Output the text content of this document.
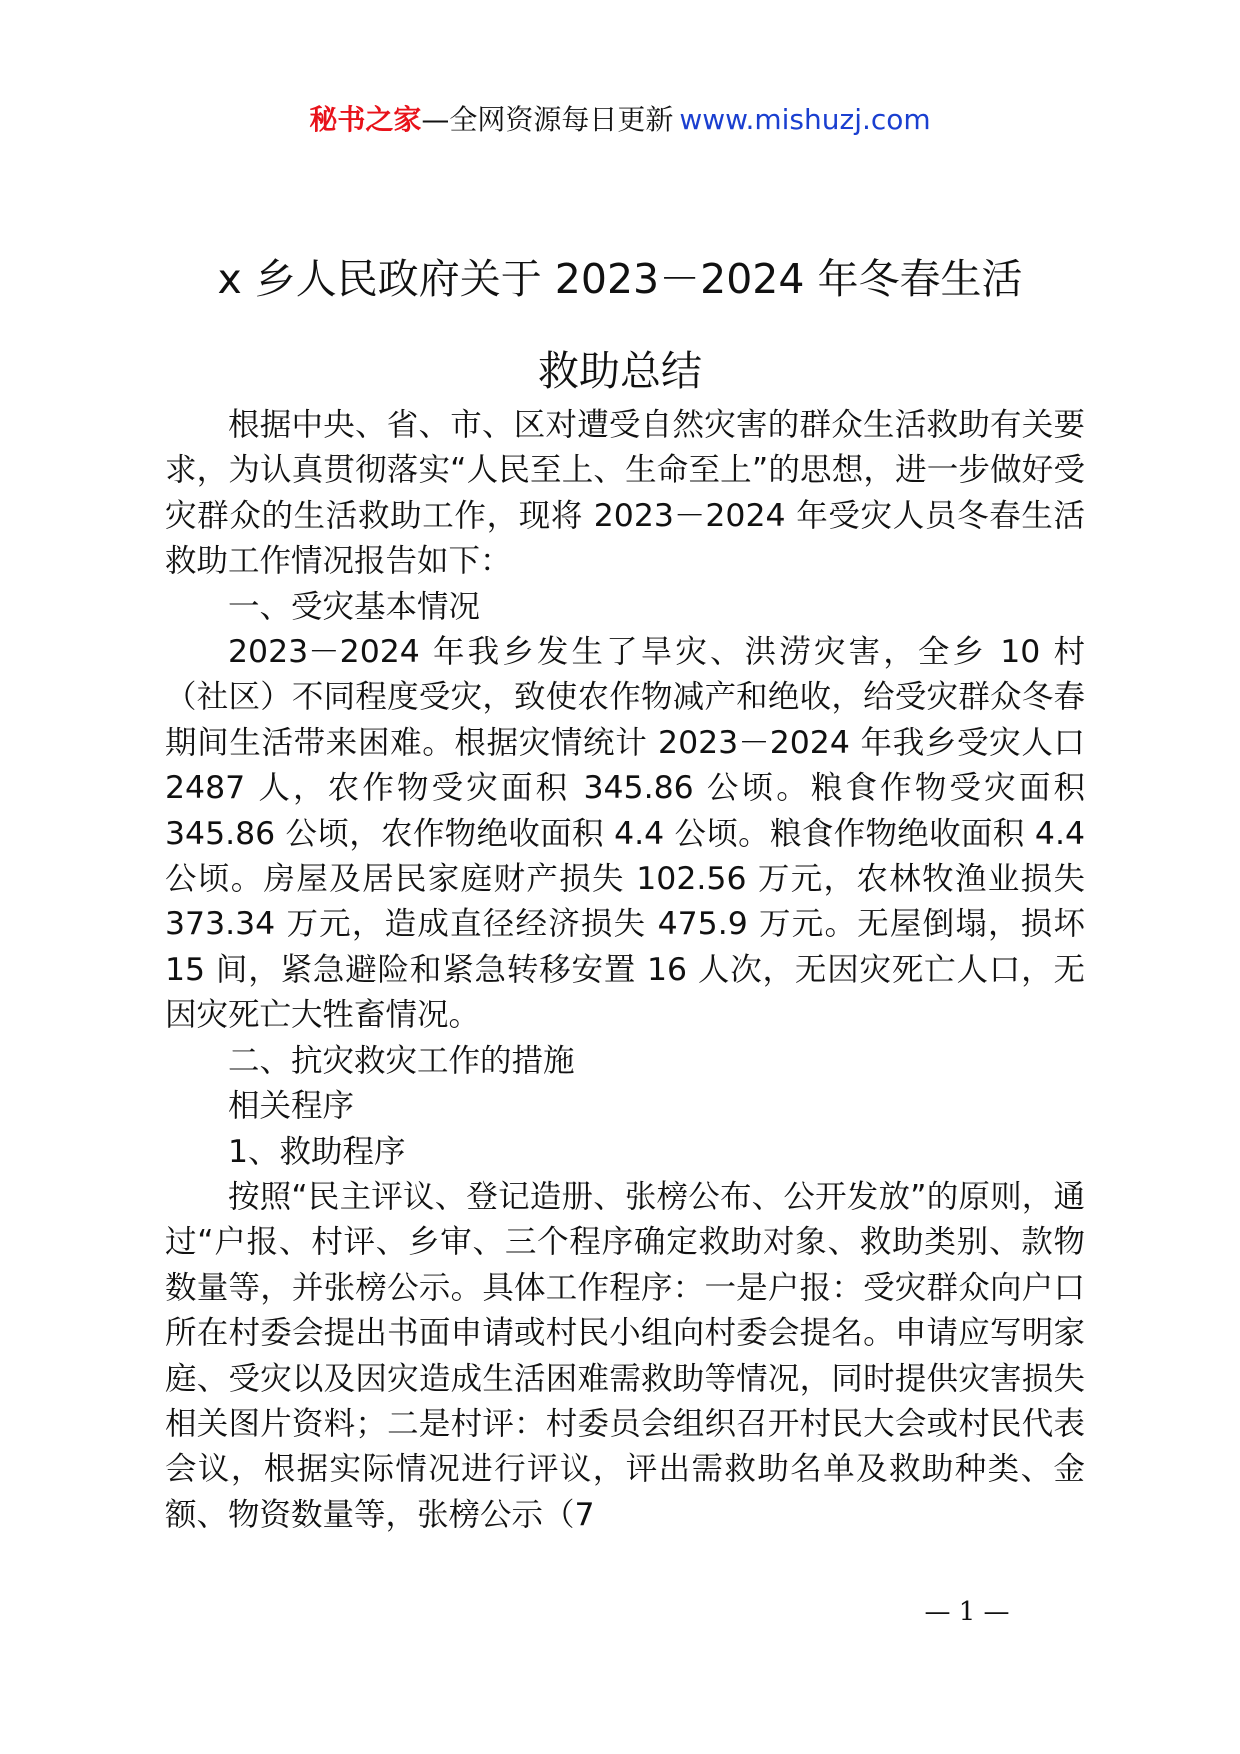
秘书之家—全网资源每日更新 www.mishuzj.com
x 乡人民政府关于 2023－2024 年冬春生活
救助总结

根据中央、省、市、区对遭受自然灾害的群众生活救助有关要求，为认真贯彻落实“人民至上、生命至上”的思想，进一步做好受灾群众的生活救助工作，现将 2023－2024 年受灾人员冬春生活救助工作情况报告如下：

一、受灾基本情况

2023－2024 年我乡发生了旱灾、洪涝灾害，全乡 10 村（社区）不同程度受灾，致使农作物减产和绝收，给受灾群众冬春期间生活带来困难。根据灾情统计 2023－2024 年我乡受灾人口 2487 人，农作物受灾面积 345.86 公顷。粮食作物受灾面积 345.86 公顷，农作物绝收面积 4.4 公顷。粮食作物绝收面积 4.4 公顷。房屋及居民家庭财产损失 102.56 万元，农林牧渔业损失 373.34 万元，造成直径经济损失 475.9 万元。无屋倒塌，损坏 15 间，紧急避险和紧急转移安置 16 人次，无因灾死亡人口，无因灾死亡大牲畜情况。

二、抗灾救灾工作的措施

相关程序

1、救助程序

按照“民主评议、登记造册、张榜公布、公开发放”的原则，通过“户报、村评、乡审、三个程序确定救助对象、救助类别、款物数量等，并张榜公示。具体工作程序：一是户报：受灾群众向户口所在村委会提出书面申请或村民小组向村委会提名。申请应写明家庭、受灾以及因灾造成生活困难需救助等情况，同时提供灾害损失相关图片资料；二是村评：村委员会组织召开村民大会或村民代表会议，根据实际情况进行评议，评出需救助名单及救助种类、金额、物资数量等，张榜公示（7

— 1 —
